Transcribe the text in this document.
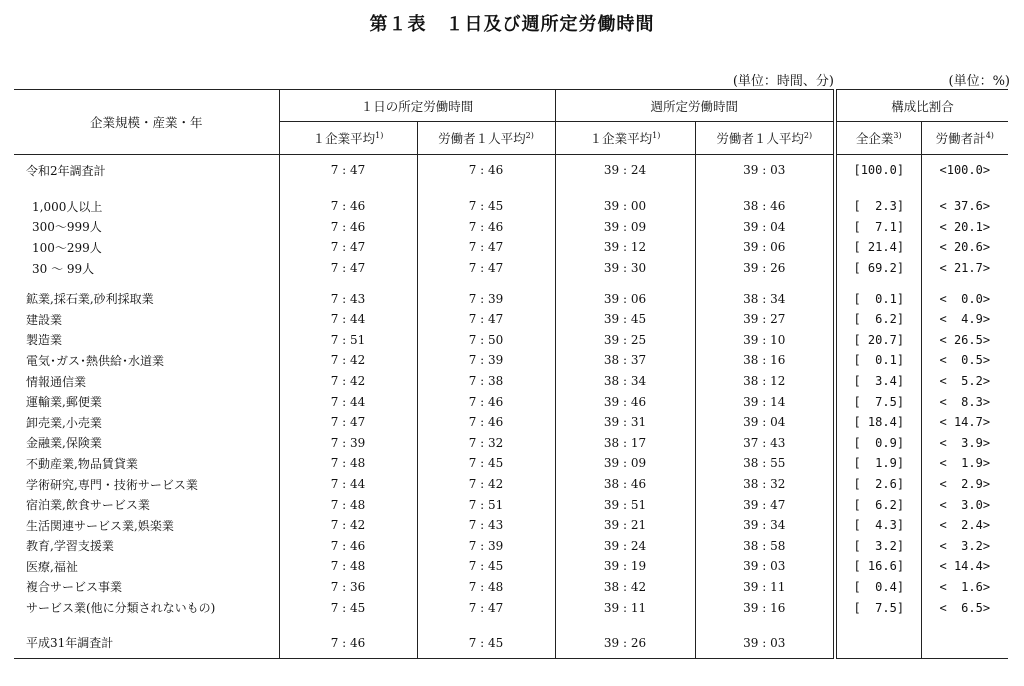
第１表　１日及び週所定労働時間
(単位：時間、分)	(単位：%)
企業規模・産業・年	１日の所定労働時間		週所定労働時間		構成比割合	
	１企業平均$^{1)}$	労働者１人平均$^{2)}$	１企業平均$^{1)}$	労働者１人平均$^{2)}$	全企業$^{3)}$	労働者計$^{4)}$
令和2年調査計	7 : 47	7 : 46	39 : 24	39 : 03	[100.0]	<100.0>

1,000人以上	7 : 46	7 : 45	39 : 00	38 : 46	[  2.3]	< 37.6>
300～999人	7 : 46	7 : 46	39 : 09	39 : 04	[  7.1]	< 20.1>
100～299人	7 : 47	7 : 47	39 : 12	39 : 06	[ 21.4]	< 20.6>
30 ～ 99人	7 : 47	7 : 47	39 : 30	39 : 26	[ 69.2]	< 21.7>

鉱業,採石業,砂利採取業	7 : 43	7 : 39	39 : 06	38 : 34	[  0.1]	<  0.0>
建設業	7 : 44	7 : 47	39 : 45	39 : 27	[  6.2]	<  4.9>
製造業	7 : 51	7 : 50	39 : 25	39 : 10	[ 20.7]	< 26.5>
電気･ガス･熱供給･水道業	7 : 42	7 : 39	38 : 37	38 : 16	[  0.1]	<  0.5>
情報通信業	7 : 42	7 : 38	38 : 34	38 : 12	[  3.4]	<  5.2>
運輸業,郵便業	7 : 44	7 : 46	39 : 46	39 : 14	[  7.5]	<  8.3>
卸売業,小売業	7 : 47	7 : 46	39 : 31	39 : 04	[ 18.4]	< 14.7>
金融業,保険業	7 : 39	7 : 32	38 : 17	37 : 43	[  0.9]	<  3.9>
不動産業,物品賃貸業	7 : 48	7 : 45	39 : 09	38 : 55	[  1.9]	<  1.9>
学術研究,専門・技術サービス業	7 : 44	7 : 42	38 : 46	38 : 32	[  2.6]	<  2.9>
宿泊業,飲食サービス業	7 : 48	7 : 51	39 : 51	39 : 47	[  6.2]	<  3.0>
生活関連サービス業,娯楽業	7 : 42	7 : 43	39 : 21	39 : 34	[  4.3]	<  2.4>
教育,学習支援業	7 : 46	7 : 39	39 : 24	38 : 58	[  3.2]	<  3.2>
医療,福祉	7 : 48	7 : 45	39 : 19	39 : 03	[ 16.6]	< 14.4>
複合サービス事業	7 : 36	7 : 48	38 : 42	39 : 11	[  0.4]	<  1.6>
サービス業(他に分類されないもの)	7 : 45	7 : 47	39 : 11	39 : 16	[  7.5]	<  6.5>

平成31年調査計	7 : 46	7 : 45	39 : 26	39 : 03		
